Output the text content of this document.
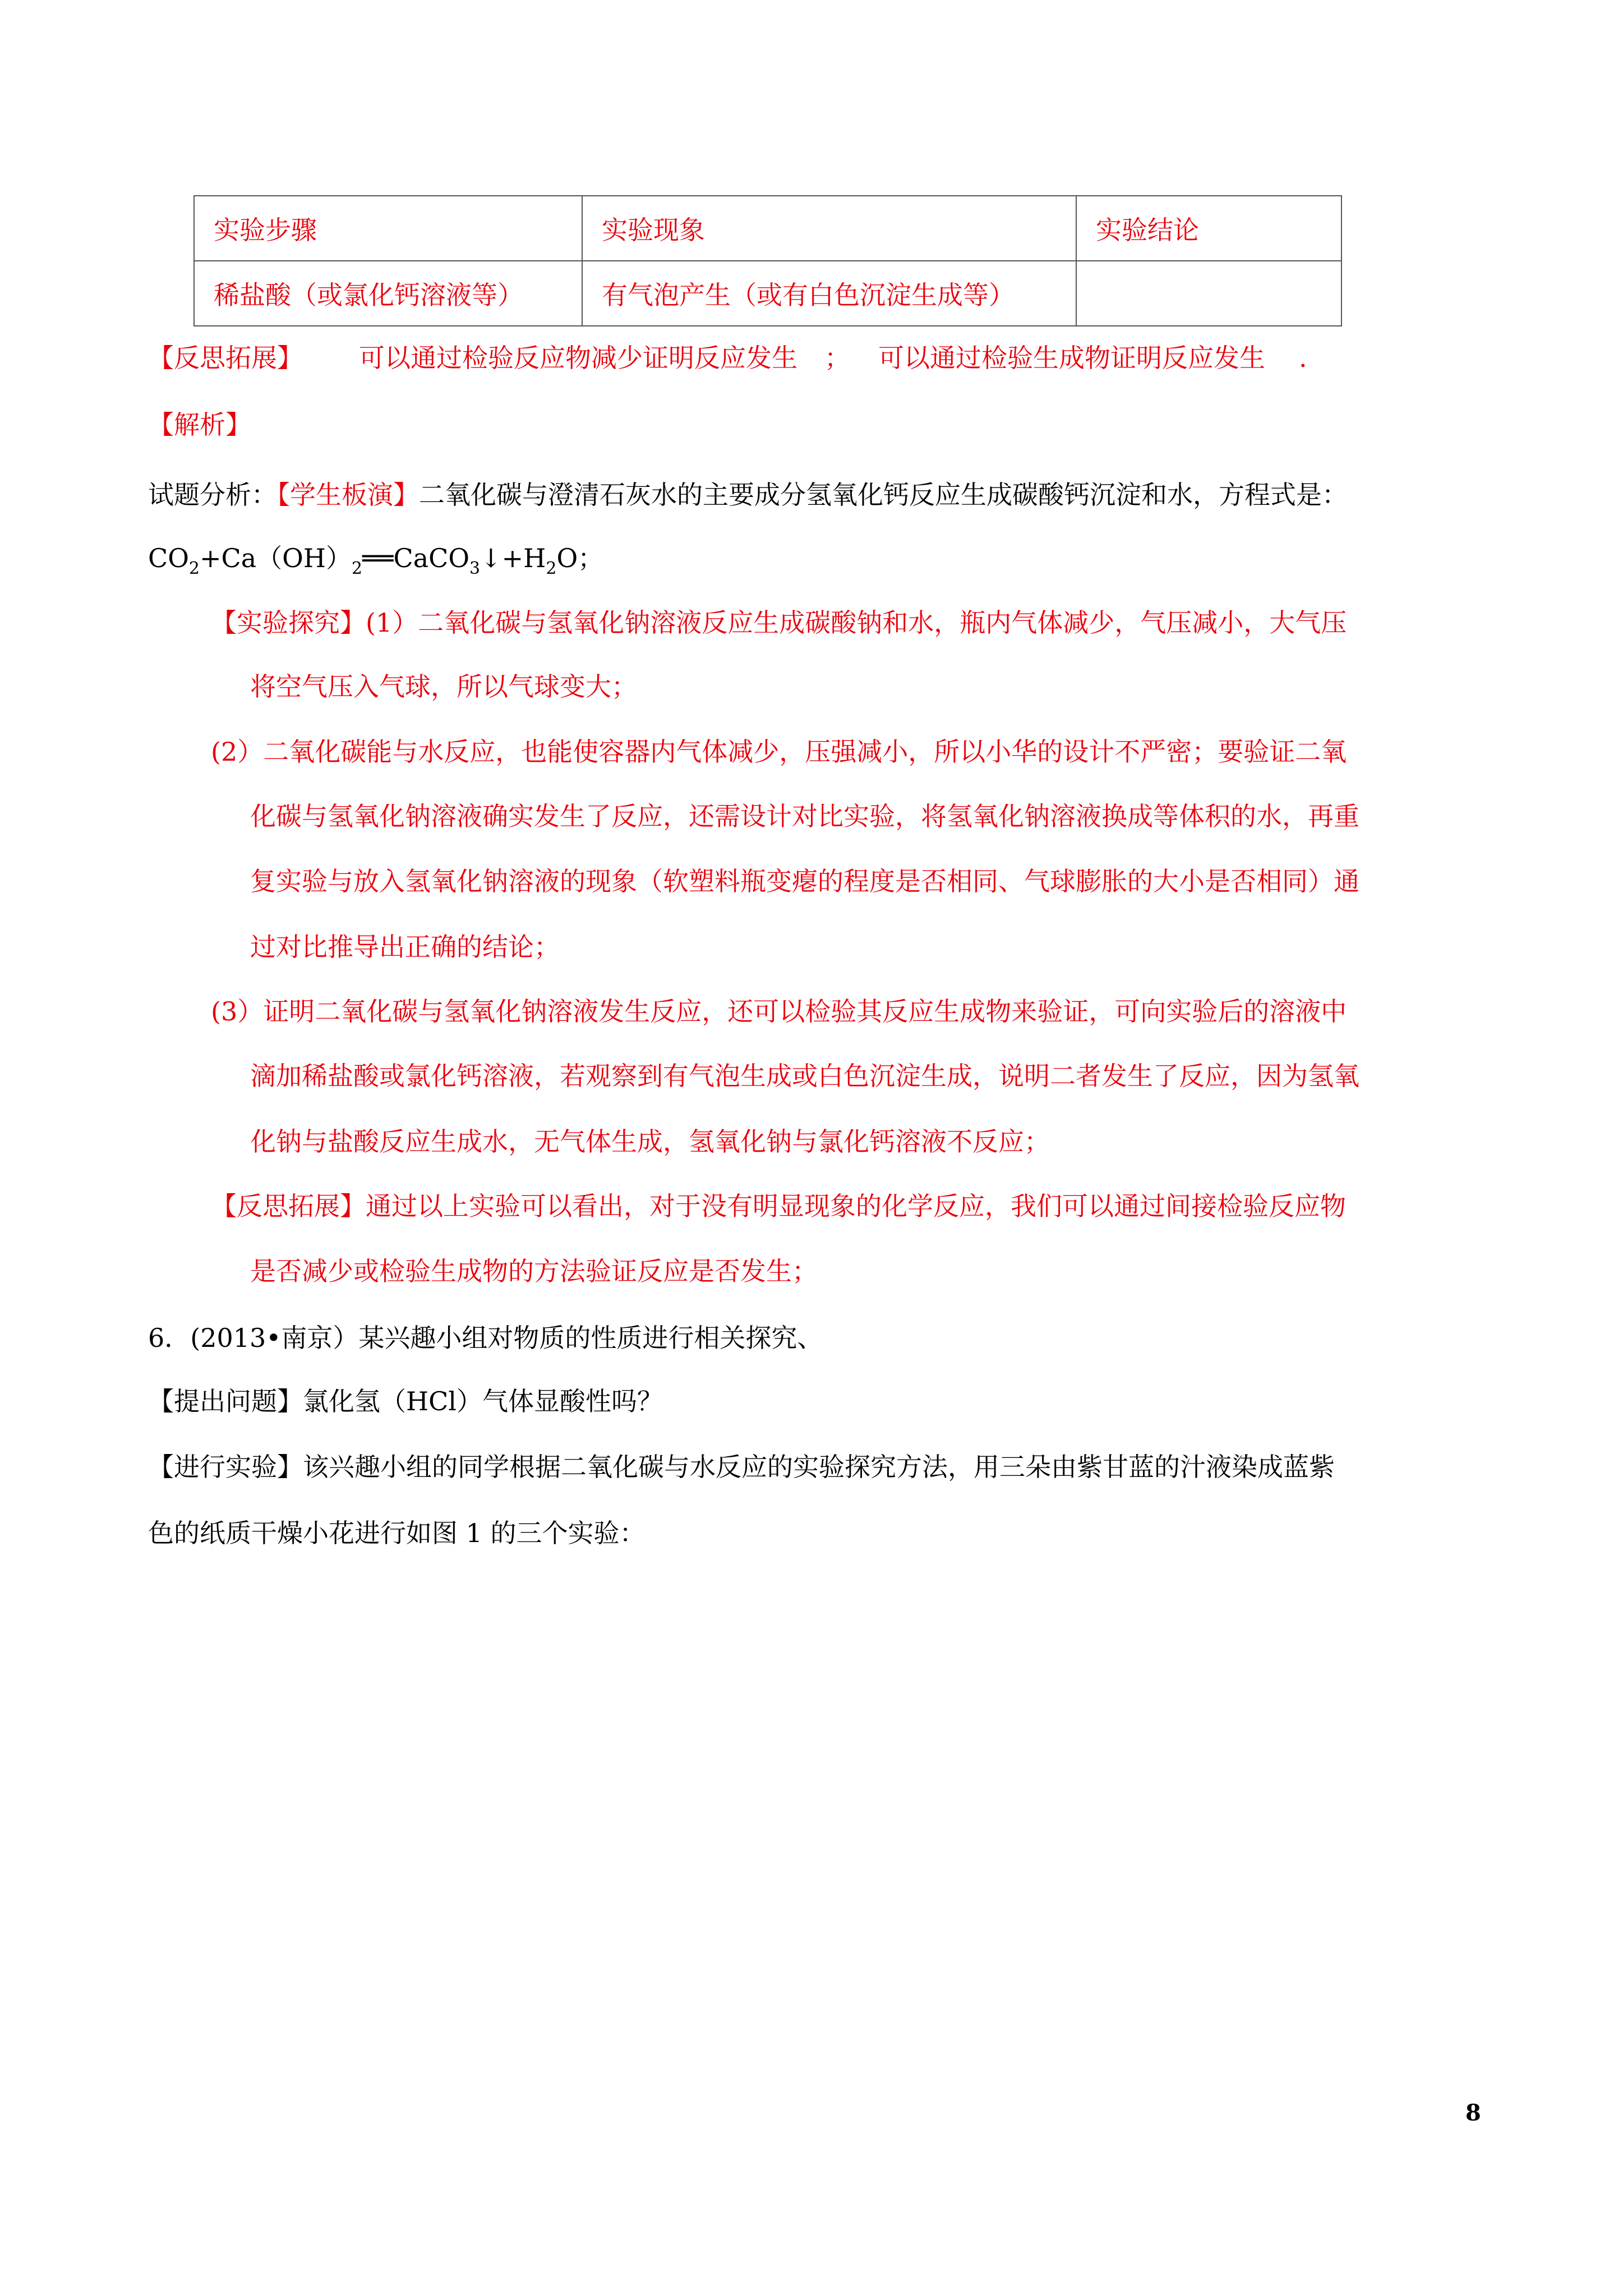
实验步骤	实验现象	实验结论
稀盐酸（或氯化钙溶液等）	有气泡产生（或有白色沉淀生成等）	
【反思拓展】 可以通过检验反应物减少证明反应发生 ； 可以通过检验生成物证明反应发生 .
【解析】
试题分析：【学生板演】二氧化碳与澄清石灰水的主要成分氢氧化钙反应生成碳酸钙沉淀和水，方程式是：
$CO_2+Ca(OH)_2══CaCO_3↓+H_2O$；
【实验探究】(1）二氧化碳与氢氧化钠溶液反应生成碳酸钠和水，瓶内气体减少，气压减小，大气压
将空气压入气球，所以气球变大；
(2）二氧化碳能与水反应，也能使容器内气体减少，压强减小，所以小华的设计不严密；要验证二氧
化碳与氢氧化钠溶液确实发生了反应，还需设计对比实验，将氢氧化钠溶液换成等体积的水，再重
复实验与放入氢氧化钠溶液的现象（软塑料瓶变瘪的程度是否相同、气球膨胀的大小是否相同）通
过对比推导出正确的结论；
(3）证明二氧化碳与氢氧化钠溶液发生反应，还可以检验其反应生成物来验证，可向实验后的溶液中
滴加稀盐酸或氯化钙溶液，若观察到有气泡生成或白色沉淀生成，说明二者发生了反应，因为氢氧
化钠与盐酸反应生成水，无气体生成，氢氧化钠与氯化钙溶液不反应；
【反思拓展】通过以上实验可以看出，对于没有明显现象的化学反应，我们可以通过间接检验反应物
是否减少或检验生成物的方法验证反应是否发生；
6．(2013•南京）某兴趣小组对物质的性质进行相关探究、
【提出问题】氯化氢（HCl）气体显酸性吗？
【进行实验】该兴趣小组的同学根据二氧化碳与水反应的实验探究方法，用三朵由紫甘蓝的汁液染成蓝紫
色的纸质干燥小花进行如图 1 的三个实验：
8
